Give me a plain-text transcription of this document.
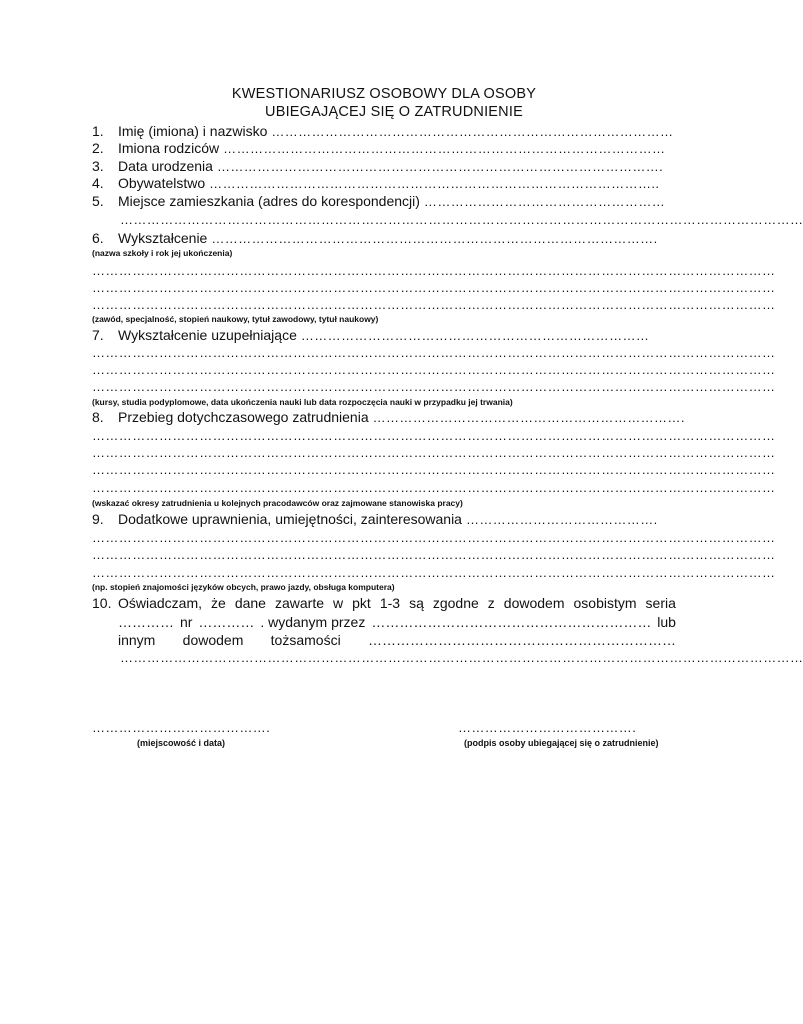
KWESTIONARIUSZ OSOBOWY DLA OSOBY
UBIEGAJĄCEJ SIĘ O ZATRUDNIENIE
1. Imię (imiona) i nazwisko ………………………………………………………………………………
2. Imiona rodziców ………………………………………………………………………………………
3. Data urodzenia ……………………………………………………………………………………….
4. Obywatelstwo ………………………………………………………………………………………..
5. Miejsce zamieszkania (adres do korespondencji) ………………………………………………
………………………………………………………………………………………………………………………………………
6. Wykształcenie ……………………………………………………………………………………….
(nazwa szkoły i rok jej ukończenia)
………………………………………………………………………………………………………………………………………
………………………………………………………………………………………………………………………………………
………………………………………………………………………………………………………………………………………
(zawód, specjalność, stopień naukowy, tytuł zawodowy, tytuł naukowy)
7. Wykształcenie uzupełniające ……………………………………………………………………
………………………………………………………………………………………………………………………………………
………………………………………………………………………………………………………………………………………
………………………………………………………………………………………………………………………………………
(kursy, studia podyplomowe, data ukończenia nauki lub data rozpoczęcia nauki w przypadku jej trwania)
8. Przebieg dotychczasowego zatrudnienia …………………………………………………………….
………………………………………………………………………………………………………………………………………
………………………………………………………………………………………………………………………………………
………………………………………………………………………………………………………………………………………
………………………………………………………………………………………………………………………………………
(wskazać okresy zatrudnienia u kolejnych pracodawców oraz zajmowane stanowiska pracy)
9. Dodatkowe uprawnienia, umiejętności, zainteresowania …………………………………….
………………………………………………………………………………………………………………………………………
………………………………………………………………………………………………………………………………………
………………………………………………………………………………………………………………………………………
(np. stopień znajomości języków obcych, prawo jazdy, obsługa komputera)
10. Oświadczam, że dane zawarte w pkt 1-3 są zgodne z dowodem osobistym seria
………… nr ………… . wydanym przez …………………………………………………… lub
innym dowodem tożsamości …………………………………………………………
………………………………………………………………………………………………………………………………………
………………………………….	………………………………….
(miejscowość i data)	(podpis osoby ubiegającej się o zatrudnienie)
